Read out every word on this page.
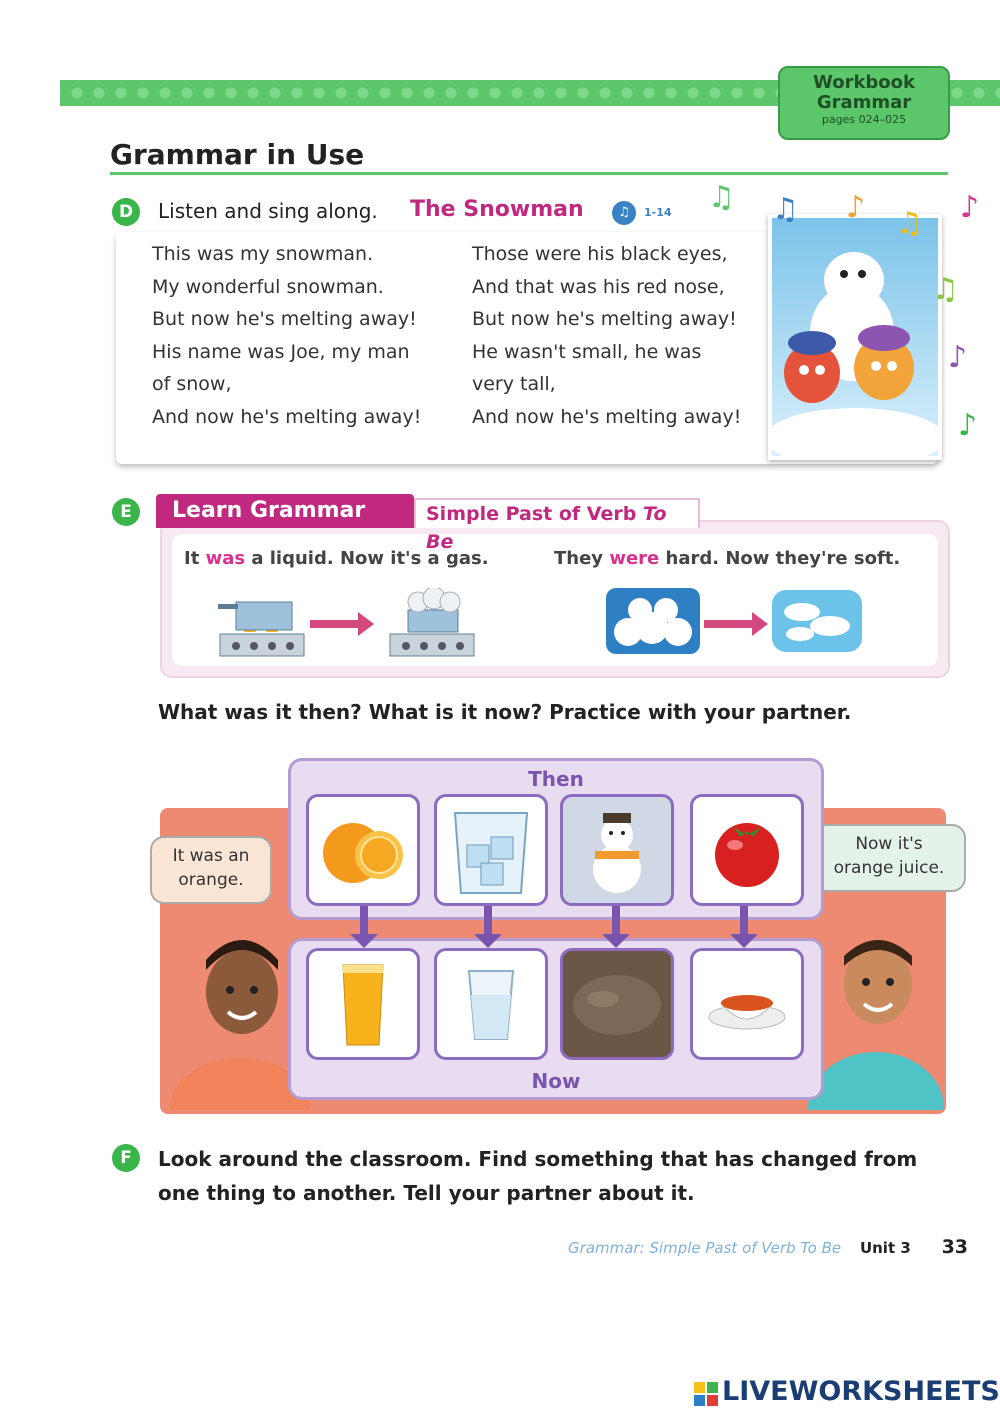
Workbook
Grammar
pages 024–025
Grammar in Use
D	Listen and sing along. The Snowman	♫	1-14
This was my snowman.
My wonderful snowman.
But now he's melting away!
His name was Joe, my man
of snow,
And now he's melting away!
Those were his black eyes,
And that was his red nose,
But now he's melting away!
He wasn't small, he was
very tall,
And now he's melting away!
♫ ♫ ♪ ♫ ♪
♫
♪
♪
E	Learn Grammar	Simple Past of Verb To Be
It was a liquid. Now it's a gas.	They were hard. Now they're soft.
What was it then? What is it now? Practice with your partner.
It was an orange.
Now it's orange juice.
Then
Now
F	Look around the classroom. Find something that has changed from one thing to another. Tell your partner about it.
Grammar: Simple Past of Verb To Be Unit 3 33
LIVEWORKSHEETS
